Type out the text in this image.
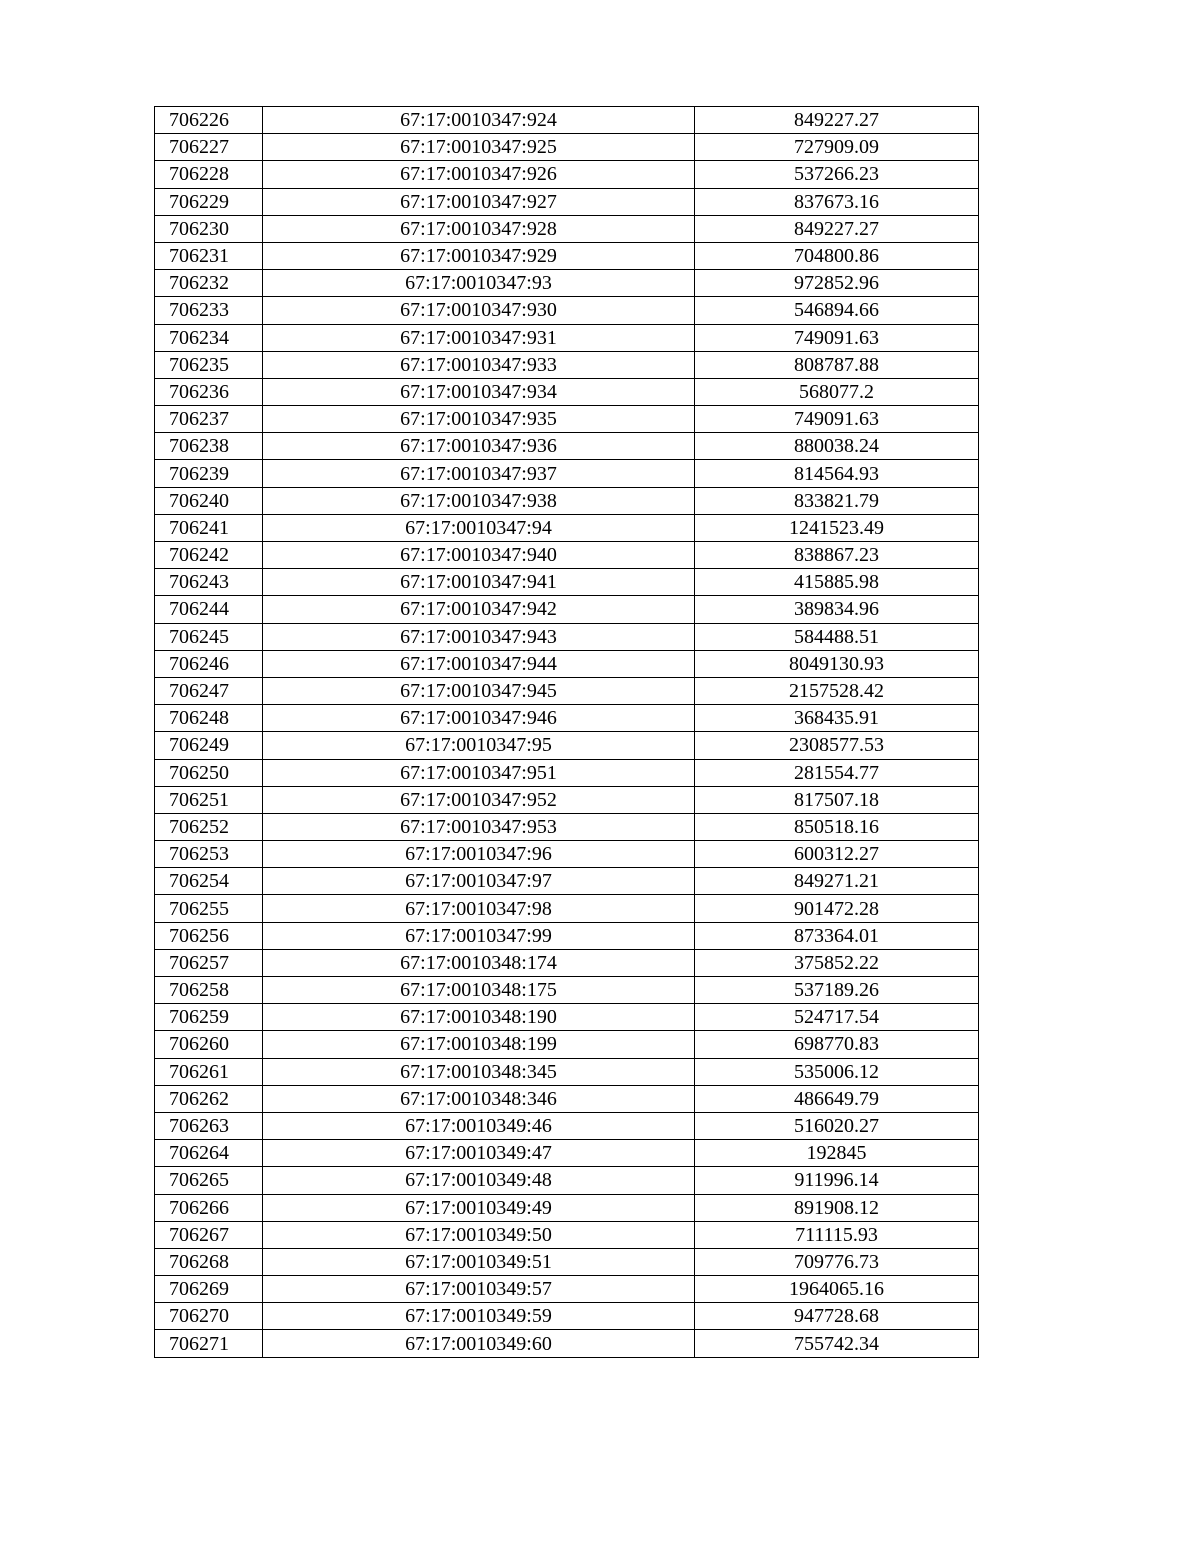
706226	67:17:0010347:924	849227.27
706227	67:17:0010347:925	727909.09
706228	67:17:0010347:926	537266.23
706229	67:17:0010347:927	837673.16
706230	67:17:0010347:928	849227.27
706231	67:17:0010347:929	704800.86
706232	67:17:0010347:93	972852.96
706233	67:17:0010347:930	546894.66
706234	67:17:0010347:931	749091.63
706235	67:17:0010347:933	808787.88
706236	67:17:0010347:934	568077.2
706237	67:17:0010347:935	749091.63
706238	67:17:0010347:936	880038.24
706239	67:17:0010347:937	814564.93
706240	67:17:0010347:938	833821.79
706241	67:17:0010347:94	1241523.49
706242	67:17:0010347:940	838867.23
706243	67:17:0010347:941	415885.98
706244	67:17:0010347:942	389834.96
706245	67:17:0010347:943	584488.51
706246	67:17:0010347:944	8049130.93
706247	67:17:0010347:945	2157528.42
706248	67:17:0010347:946	368435.91
706249	67:17:0010347:95	2308577.53
706250	67:17:0010347:951	281554.77
706251	67:17:0010347:952	817507.18
706252	67:17:0010347:953	850518.16
706253	67:17:0010347:96	600312.27
706254	67:17:0010347:97	849271.21
706255	67:17:0010347:98	901472.28
706256	67:17:0010347:99	873364.01
706257	67:17:0010348:174	375852.22
706258	67:17:0010348:175	537189.26
706259	67:17:0010348:190	524717.54
706260	67:17:0010348:199	698770.83
706261	67:17:0010348:345	535006.12
706262	67:17:0010348:346	486649.79
706263	67:17:0010349:46	516020.27
706264	67:17:0010349:47	192845
706265	67:17:0010349:48	911996.14
706266	67:17:0010349:49	891908.12
706267	67:17:0010349:50	711115.93
706268	67:17:0010349:51	709776.73
706269	67:17:0010349:57	1964065.16
706270	67:17:0010349:59	947728.68
706271	67:17:0010349:60	755742.34
